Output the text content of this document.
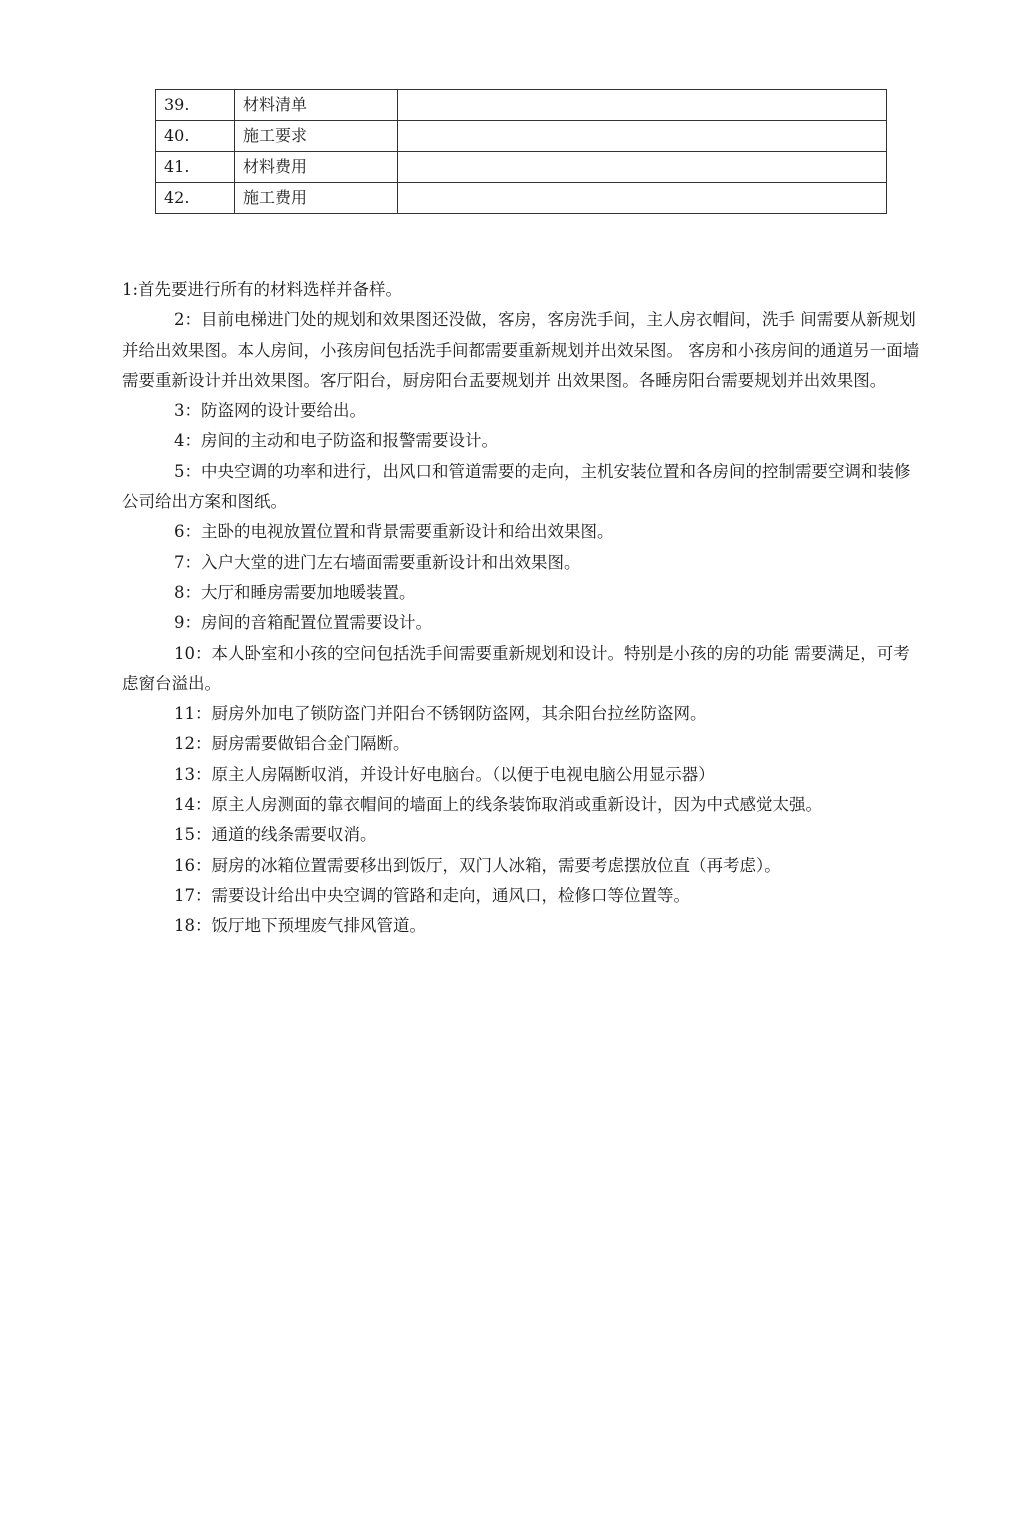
39.	材料清单	
40.	施工要求	
41.	材料费用	
42.	施工费用	

1:首先要进行所有的材料选样并备样。

2：目前电梯进门处的规划和效果图还没做，客房，客房洗手间，主人房衣帽间，洗手 间需要从新规划并给出效果图。本人房间，小孩房间包括洗手间都需要重新规划并出效呆图。 客房和小孩房间的通道另一面墙需要重新设计并出效果图。客厅阳台，厨房阳台盂要规划并 出效果图。各睡房阳台需要规划并出效果图。

3：防盗网的设计要给出。

4：房间的主动和电子防盗和报警需要设计。

5：中央空调的功率和进行，出风口和管道需要的走向，主机安装位置和各房间的控制需要空调和装修公司给出方案和图纸。

6：主卧的电视放置位置和背景需要重新设计和给出效果图。

7：入户大堂的进门左右墙面需要重新设计和出效果图。

8：大厅和睡房需要加地暖装置。

9：房间的音箱配置位置需要设计。

10：本人卧室和小孩的空问包括洗手间需要重新规划和设计。特别是小孩的房的功能 需要满足，可考虑窗台溢出。

11：厨房外加电了锁防盗门并阳台不锈钢防盗网，其余阳台拉丝防盗网。

12：厨房需要做铝合金门隔断。

13：原主人房隔断収消，并设计好电脑台。（以便于电视电脑公用显示器）

14：原主人房测面的靠衣帽间的墙面上的线条装饰取消或重新设计，因为中式感觉太强。

15：通道的线条需要収消。

16：厨房的冰箱位置需要移出到饭厅，双门人冰箱，需要考虑摆放位直（再考虑）。

17：需要设计给出中央空调的管路和走向，通风口，检修口等位置等。

18：饭厅地下预埋废气排风管道。
